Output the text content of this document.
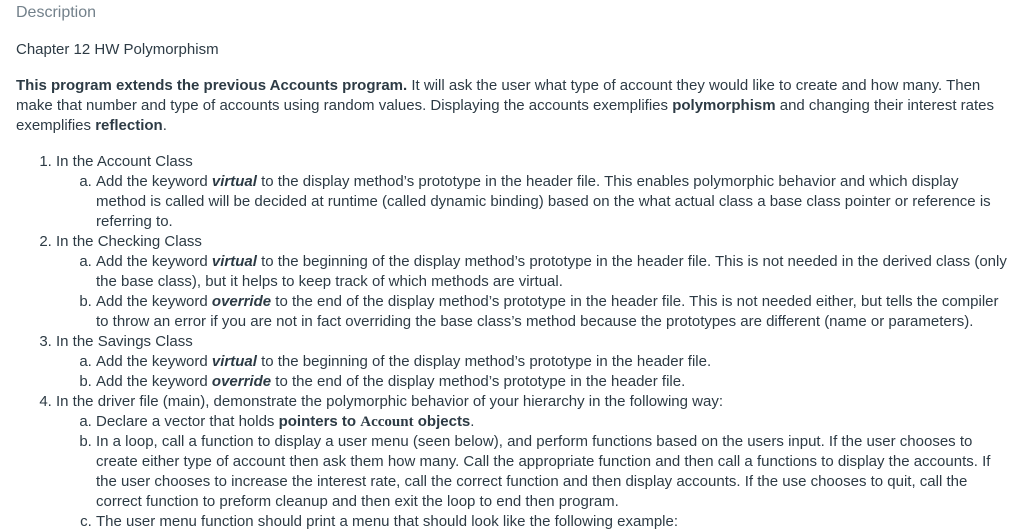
Description

Chapter 12 HW Polymorphism

This program extends the previous Accounts program. It will ask the user what type of account they would like to create and how many. Then make that number and type of accounts using random values. Displaying the accounts exemplifies polymorphism and changing their interest rates exemplifies reflection.

1. In the Account Class
a. Add the keyword virtual to the display method’s prototype in the header file. This enables polymorphic behavior and which display method is called will be decided at runtime (called dynamic binding) based on the what actual class a base class pointer or reference is referring to.
2. In the Checking Class
a. Add the keyword virtual to the beginning of the display method’s prototype in the header file. This is not needed in the derived class (only the base class), but it helps to keep track of which methods are virtual.
b. Add the keyword override to the end of the display method’s prototype in the header file. This is not needed either, but tells the compiler to throw an error if you are not in fact overriding the base class’s method because the prototypes are different (name or parameters).
3. In the Savings Class
a. Add the keyword virtual to the beginning of the display method’s prototype in the header file.
b. Add the keyword override to the end of the display method’s prototype in the header file.
4. In the driver file (main), demonstrate the polymorphic behavior of your hierarchy in the following way:
a. Declare a vector that holds pointers to Account objects.
b. In a loop, call a function to display a user menu (seen below), and perform functions based on the users input. If the user chooses to create either type of account then ask them how many. Call the appropriate function and then call a functions to display the accounts. If the user chooses to increase the interest rate, call the correct function and then display accounts. If the use chooses to quit, call the correct function to preform cleanup and then exit the loop to end then program.
c. The user menu function should print a menu that should look like the following example:
